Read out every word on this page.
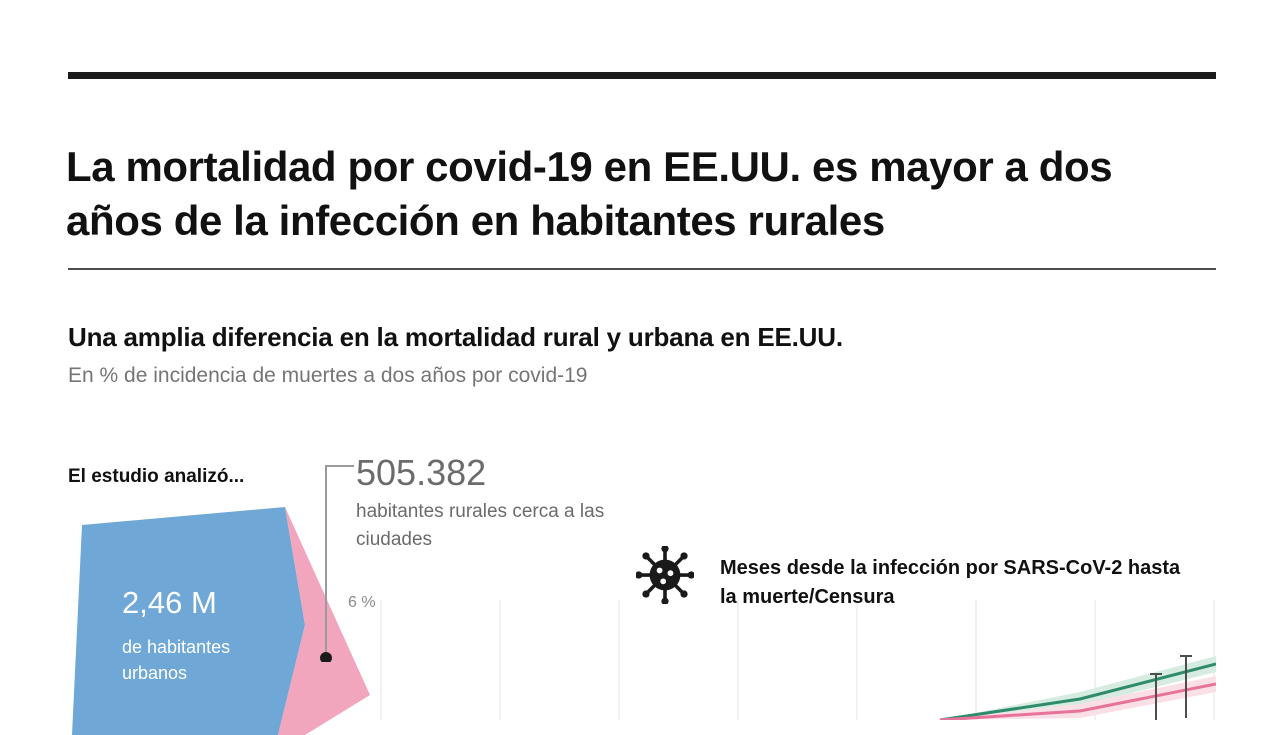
La mortalidad por covid-19 en EE.UU. es mayor a dos años de la infección en habitantes rurales
Una amplia diferencia en la mortalidad rural y urbana en EE.UU.
En % de incidencia de muertes a dos años por covid-19
El estudio analizó...
2,46 M
de habitantes urbanos
505.382
habitantes rurales cerca a las ciudades
6 %
Meses desde la infección por SARS-CoV-2 hasta la muerte/Censura
